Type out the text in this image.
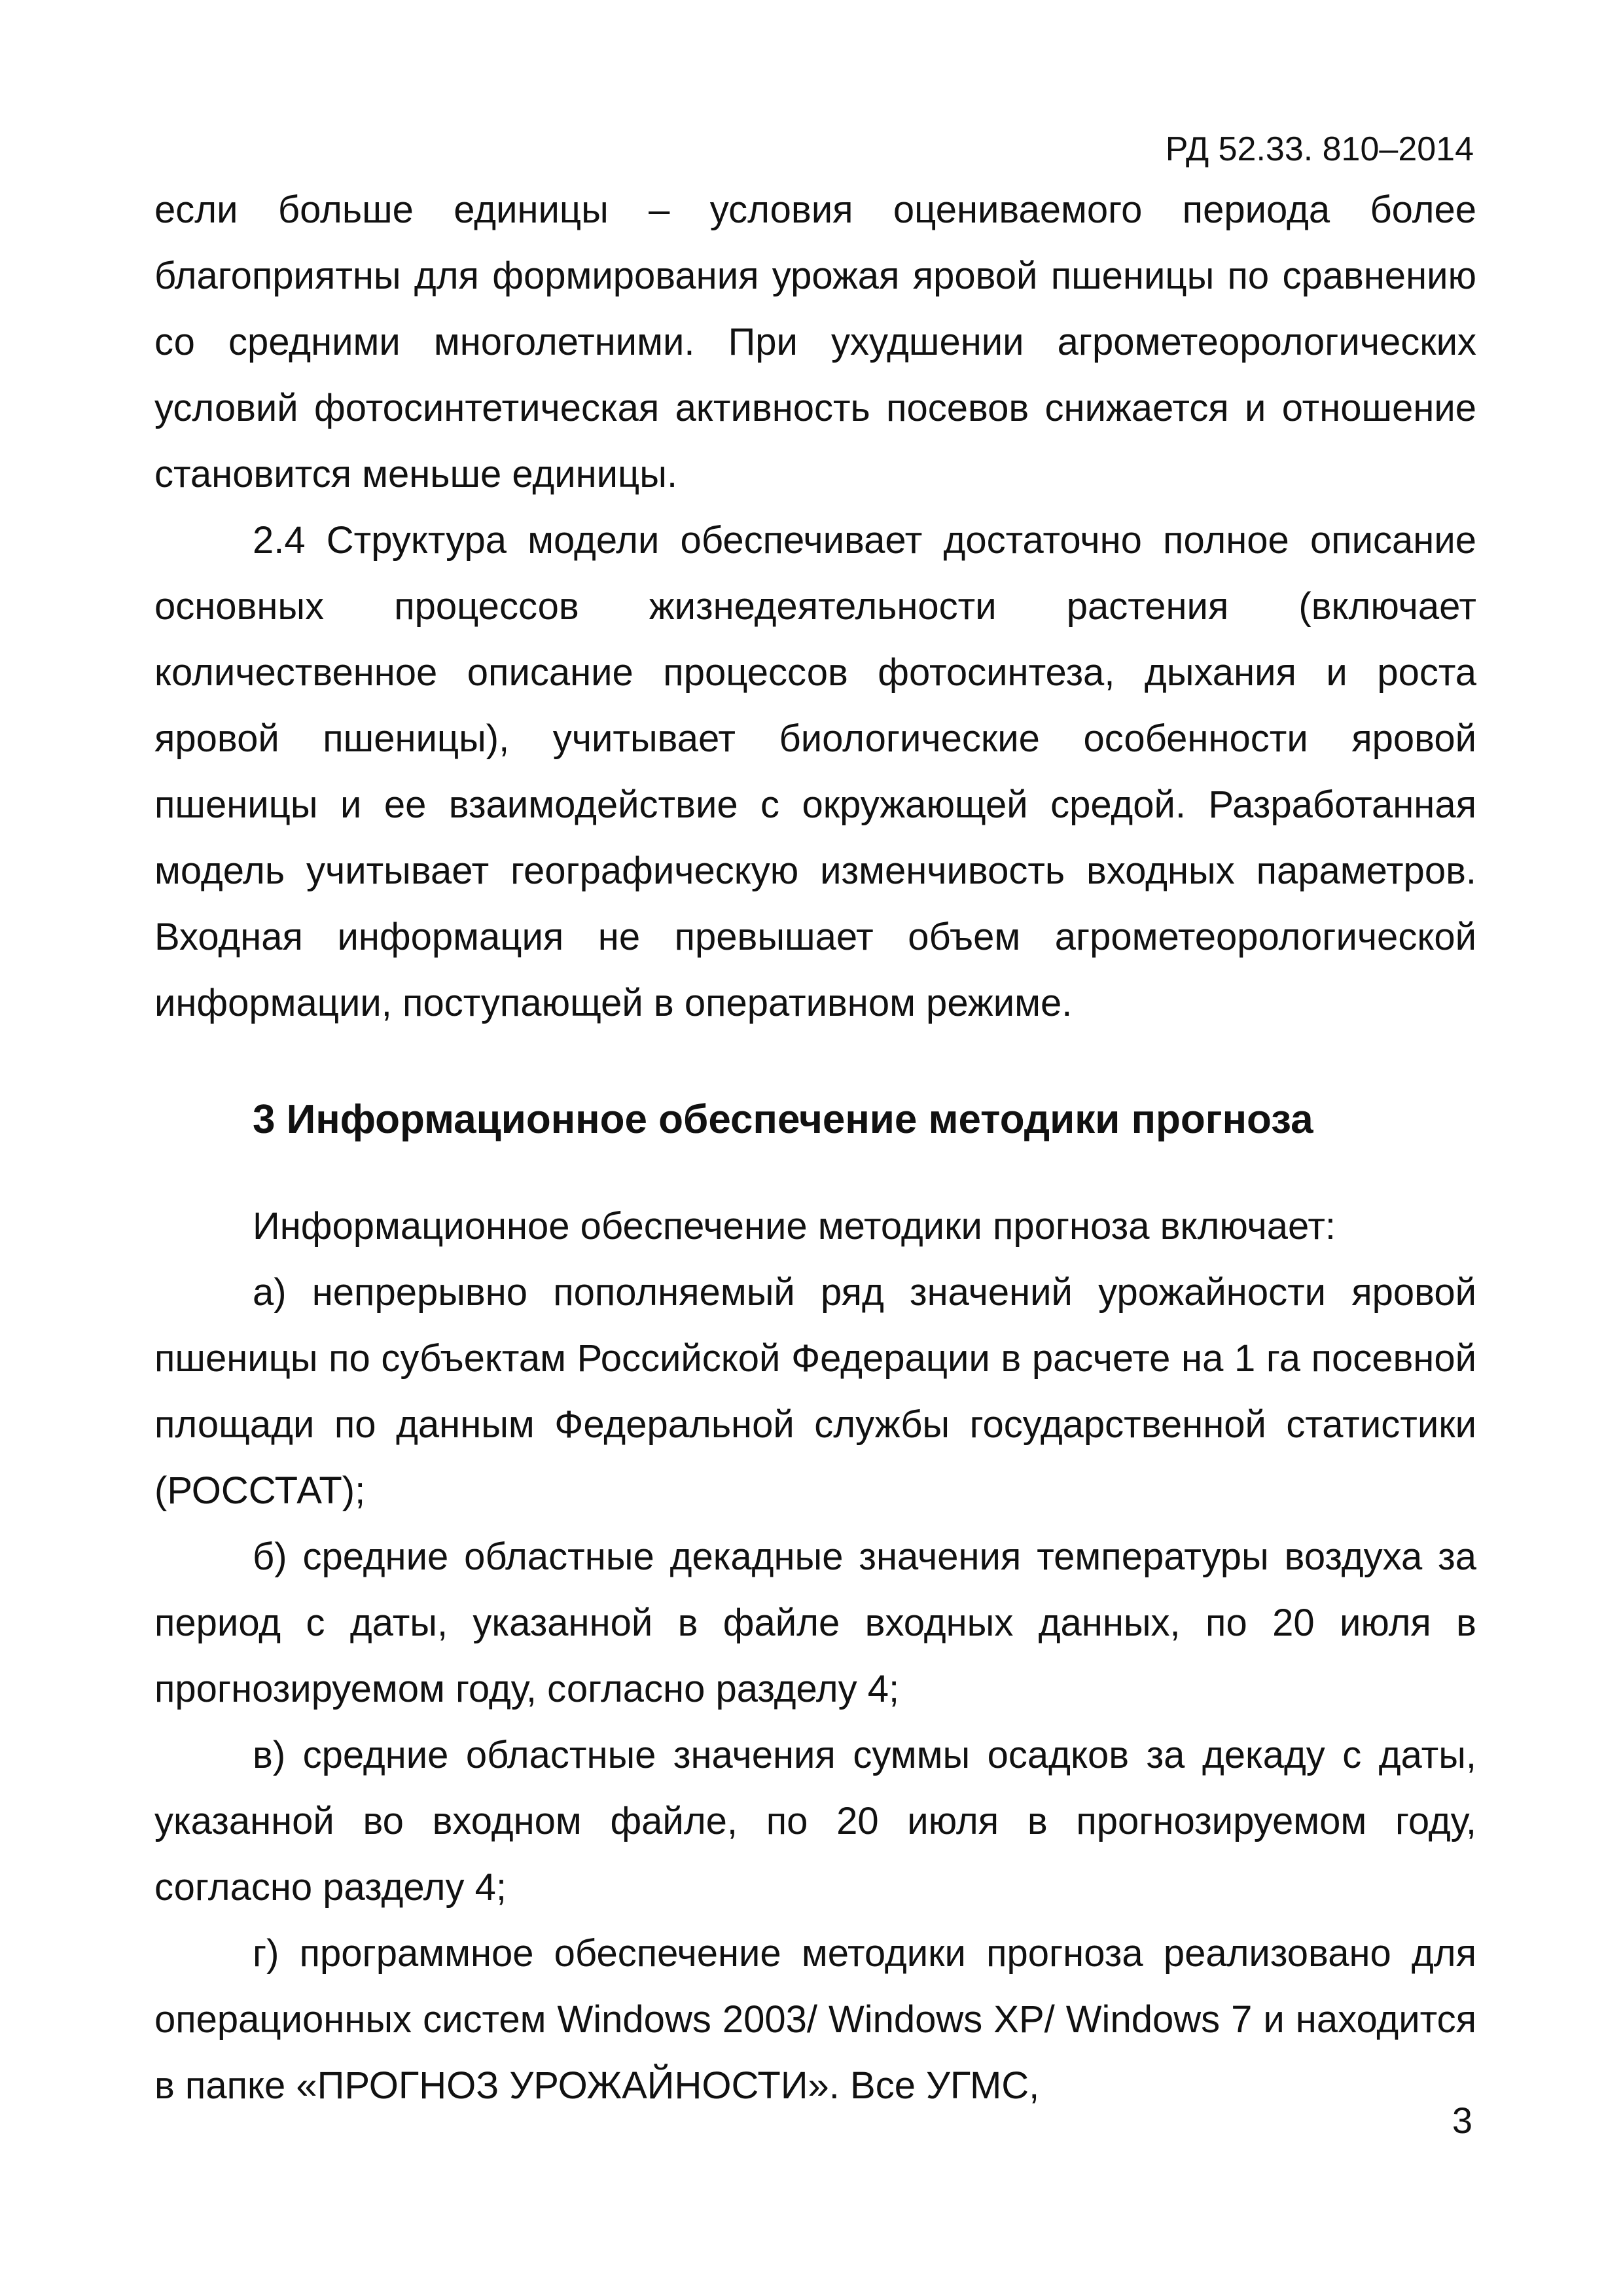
РД 52.33. 810–2014

если больше единицы – условия оцениваемого периода более благоприятны для формирования урожая яровой пшеницы по сравнению со средними многолетними. При ухудшении агрометеорологических условий фотосинтетическая активность посевов снижается и отношение становится меньше единицы.

2.4 Структура модели обеспечивает достаточно полное описание основных процессов жизнедеятельности растения (включает количественное описание процессов фотосинтеза, дыхания и роста яровой пшеницы), учитывает биологические особенности яровой пшеницы и ее взаимодействие с окружающей средой. Разработанная модель учитывает географическую изменчивость входных параметров. Входная информация не превышает объем агрометеорологической информации, поступающей в оперативном режиме.

3 Информационное обеспечение методики прогноза

Информационное обеспечение методики прогноза включает:

а) непрерывно пополняемый ряд значений урожайности яровой пшеницы по субъектам Российской Федерации в расчете на 1 га посевной площади по данным Федеральной службы государственной статистики (РОССТАТ);

б) средние областные декадные значения температуры воздуха за период с даты, указанной в файле входных данных, по 20 июля в прогнозируемом году, согласно разделу 4;

в) средние областные значения суммы осадков за декаду с даты, указанной во входном файле, по 20 июля в прогнозируемом году, согласно разделу 4;

г) программное обеспечение методики прогноза реализовано для операционных систем Windows 2003/ Windows XP/ Windows 7 и находится в папке «ПРОГНОЗ УРОЖАЙНОСТИ». Все УГМС,

3
